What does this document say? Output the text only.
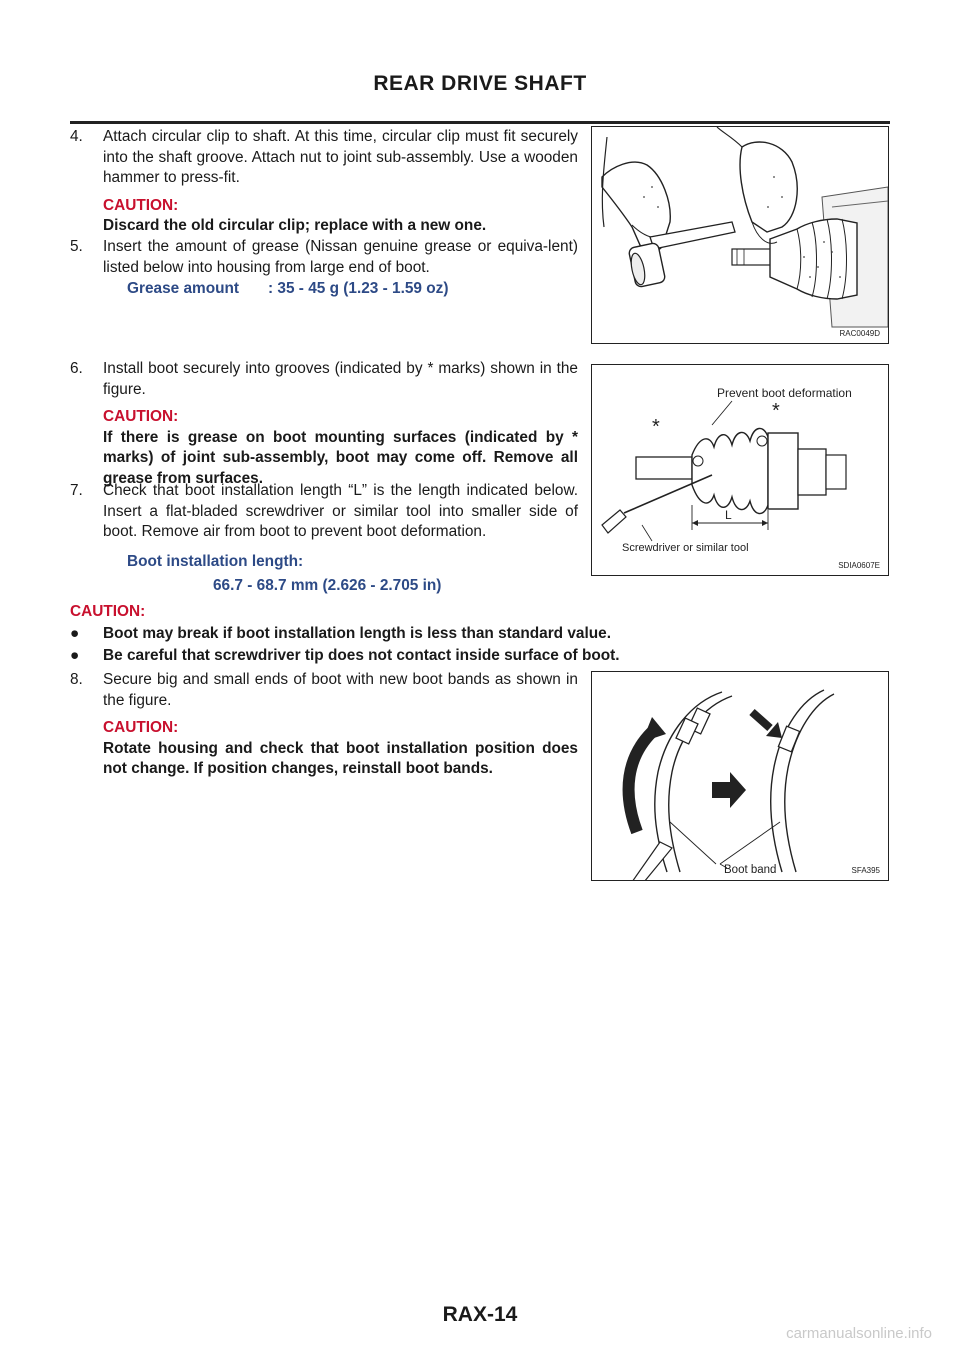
REAR DRIVE SHAFT
4.	Attach circular clip to shaft. At this time, circular clip must fit securely into the shaft groove. Attach nut to joint sub-assembly. Use a wooden hammer to press-fit.
CAUTION:
Discard the old circular clip; replace with a new one.
5.	Insert the amount of grease (Nissan genuine grease or equiva-lent) listed below into housing from large end of boot.
Grease amount : 35 - 45 g (1.23 - 1.59 oz)
RAC0049D
6.	Install boot securely into grooves (indicated by * marks) shown in the figure.
CAUTION:
If there is grease on boot mounting surfaces (indicated by * marks) of joint sub-assembly, boot may come off. Remove all grease from surfaces.
7.	Check that boot installation length “L” is the length indicated below. Insert a flat-bladed screwdriver or similar tool into smaller side of boot. Remove air from boot to prevent boot deformation.
Boot installation length:
66.7 - 68.7 mm (2.626 - 2.705 in)
Prevent boot deformation
*
*
L
Screwdriver or similar tool
SDIA0607E
CAUTION:
● Boot may break if boot installation length is less than standard value.
● Be careful that screwdriver tip does not contact inside surface of boot.
8.	Secure big and small ends of boot with new boot bands as shown in the figure.
CAUTION:
Rotate housing and check that boot installation position does not change. If position changes, reinstall boot bands.
Boot band	SFA395
RAX-14
carmanualsonline.info
